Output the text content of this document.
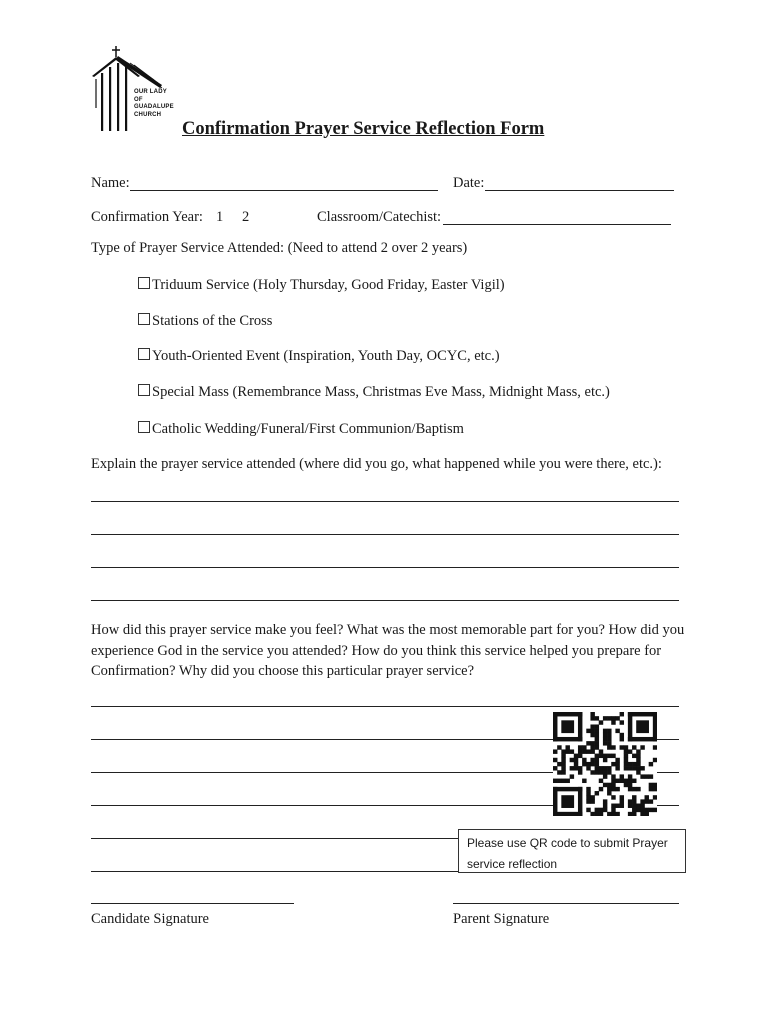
OUR LADY
OF
GUADALUPE
CHURCH
Confirmation Prayer Service Reflection Form
Name:	Date:
Confirmation Year: 1 2	Classroom/Catechist:
Type of Prayer Service Attended: (Need to attend 2 over 2 years)
Triduum Service (Holy Thursday, Good Friday, Easter Vigil)
Stations of the Cross
Youth-Oriented Event (Inspiration, Youth Day, OCYC, etc.)
Special Mass (Remembrance Mass, Christmas Eve Mass, Midnight Mass, etc.)
Catholic Wedding/Funeral/First Communion/Baptism
Explain the prayer service attended (where did you go, what happened while you were there, etc.):
How did this prayer service make you feel? What was the most memorable part for you? How did you experience God in the service you attended? How do you think this service helped you prepare for Confirmation? Why did you choose this particular prayer service?
Please use QR code to submit Prayer service reflection
Candidate Signature	Parent Signature
